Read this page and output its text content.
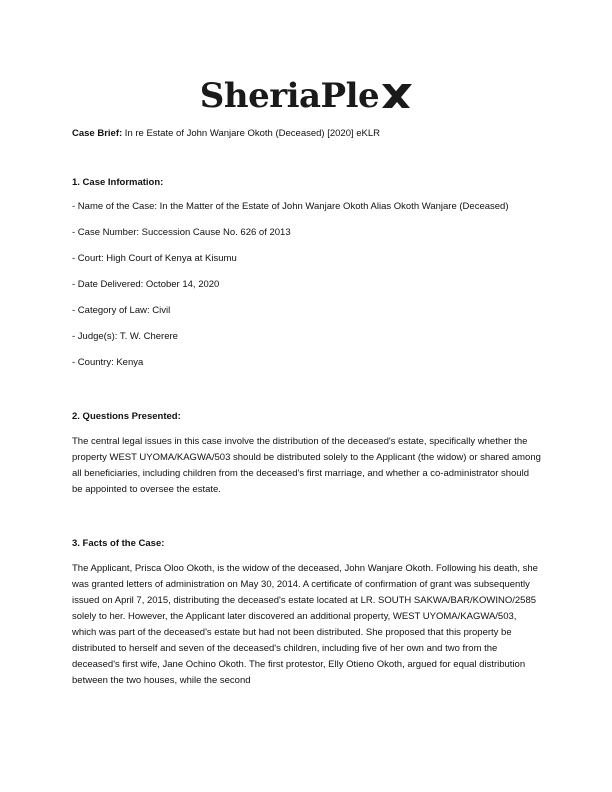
SheriaPle

Case Brief: In re Estate of John Wanjare Okoth (Deceased) [2020] eKLR

1. Case Information:
- Name of the Case: In the Matter of the Estate of John Wanjare Okoth Alias Okoth Wanjare (Deceased)
- Case Number: Succession Cause No. 626 of 2013
- Court: High Court of Kenya at Kisumu
- Date Delivered: October 14, 2020
- Category of Law: Civil
- Judge(s): T. W. Cherere
- Country: Kenya
2. Questions Presented:

The central legal issues in this case involve the distribution of the deceased's estate, specifically whether the property WEST UYOMA/KAGWA/503 should be distributed solely to the Applicant (the widow) or shared among all beneficiaries, including children from the deceased's first marriage, and whether a co-administrator should be appointed to oversee the estate.

3. Facts of the Case:

The Applicant, Prisca Oloo Okoth, is the widow of the deceased, John Wanjare Okoth. Following his death, she was granted letters of administration on May 30, 2014. A certificate of confirmation of grant was subsequently issued on April 7, 2015, distributing the deceased's estate located at LR. SOUTH SAKWA/BAR/KOWINO/2585 solely to her. However, the Applicant later discovered an additional property, WEST UYOMA/KAGWA/503, which was part of the deceased's estate but had not been distributed. She proposed that this property be distributed to herself and seven of the deceased's children, including five of her own and two from the deceased's first wife, Jane Ochino Okoth. The first protestor, Elly Otieno Okoth, argued for equal distribution between the two houses, while the second
